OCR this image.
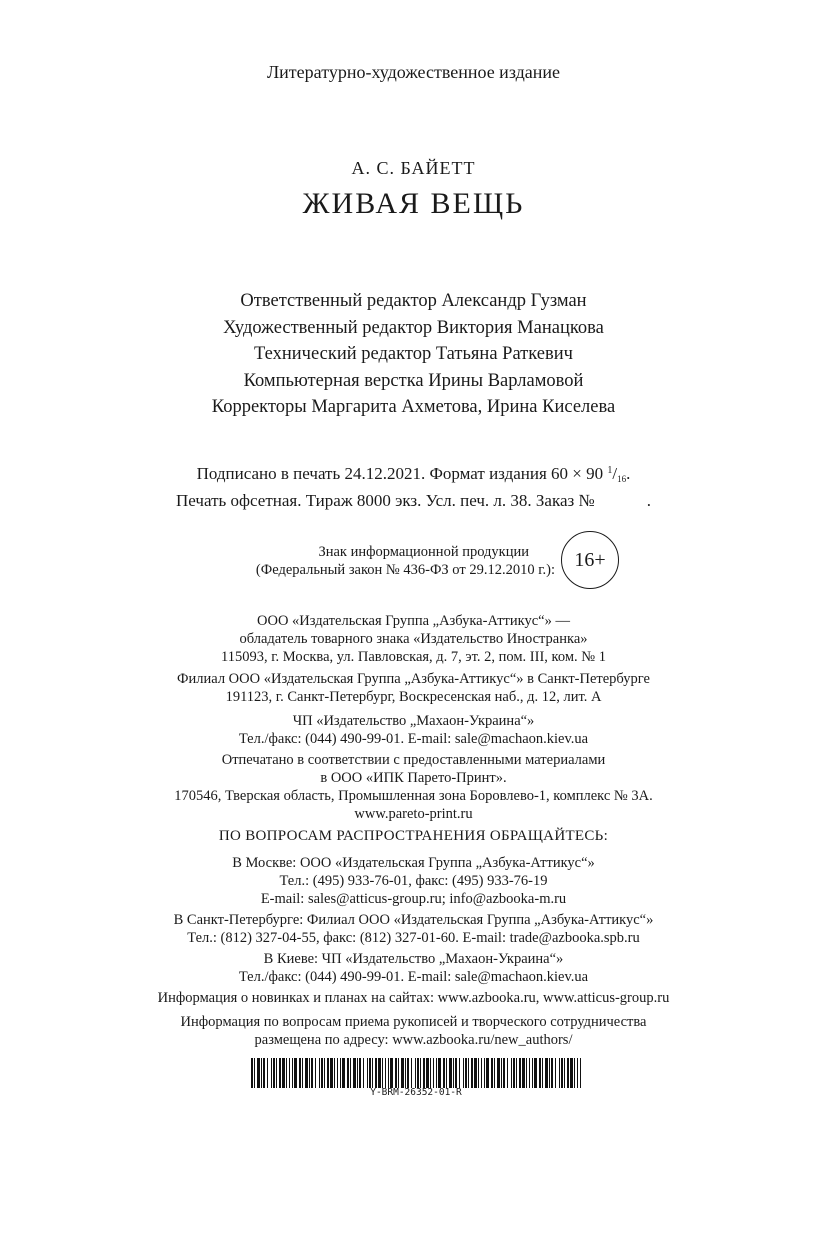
Литературно-художественное издание
А. С. БАЙЕТТ
ЖИВАЯ ВЕЩЬ
Ответственный редактор Александр Гузман
Художественный редактор Виктория Манацкова
Технический редактор Татьяна Раткевич
Компьютерная верстка Ирины Варламовой
Корректоры Маргарита Ахметова, Ирина Киселева
Подписано в печать 24.12.2021. Формат издания 60 × 90 $^1/_{16}$.
Печать офсетная. Тираж 8000 экз. Усл. печ. л. 38. Заказ №	.
Знак информационной продукции
(Федеральный закон № 436-ФЗ от 29.12.2010 г.): 16+
ООО «Издательская Группа „Азбука-Аттикус“» —
обладатель товарного знака «Издательство Иностранка»
115093, г. Москва, ул. Павловская, д. 7, эт. 2, пом. III, ком. № 1
Филиал ООО «Издательская Группа „Азбука-Аттикус“» в Санкт-Петербурге
191123, г. Санкт-Петербург, Воскресенская наб., д. 12, лит. А
ЧП «Издательство „Махаон-Украина“»
Тел./факс: (044) 490-99-01. E-mail: sale@machaon.kiev.ua
Отпечатано в соответствии с предоставленными материалами
в ООО «ИПК Парето-Принт».
170546, Тверская область, Промышленная зона Боровлево-1, комплекс № 3А.
www.pareto-print.ru
ПО ВОПРОСАМ РАСПРОСТРАНЕНИЯ ОБРАЩАЙТЕСЬ:
В Москве: ООО «Издательская Группа „Азбука-Аттикус“»
Тел.: (495) 933-76-01, факс: (495) 933-76-19
E-mail: sales@atticus-group.ru; info@azbooka-m.ru
В Санкт-Петербурге: Филиал ООО «Издательская Группа „Азбука-Аттикус“»
Тел.: (812) 327-04-55, факс: (812) 327-01-60. E-mail: trade@azbooka.spb.ru
В Киеве: ЧП «Издательство „Махаон-Украина“»
Тел./факс: (044) 490-99-01. E-mail: sale@machaon.kiev.ua
Информация о новинках и планах на сайтах: www.azbooka.ru, www.atticus-group.ru
Информация по вопросам приема рукописей и творческого сотрудничества
размещена по адресу: www.azbooka.ru/new_authors/
Y-BRM-26352-01-R
